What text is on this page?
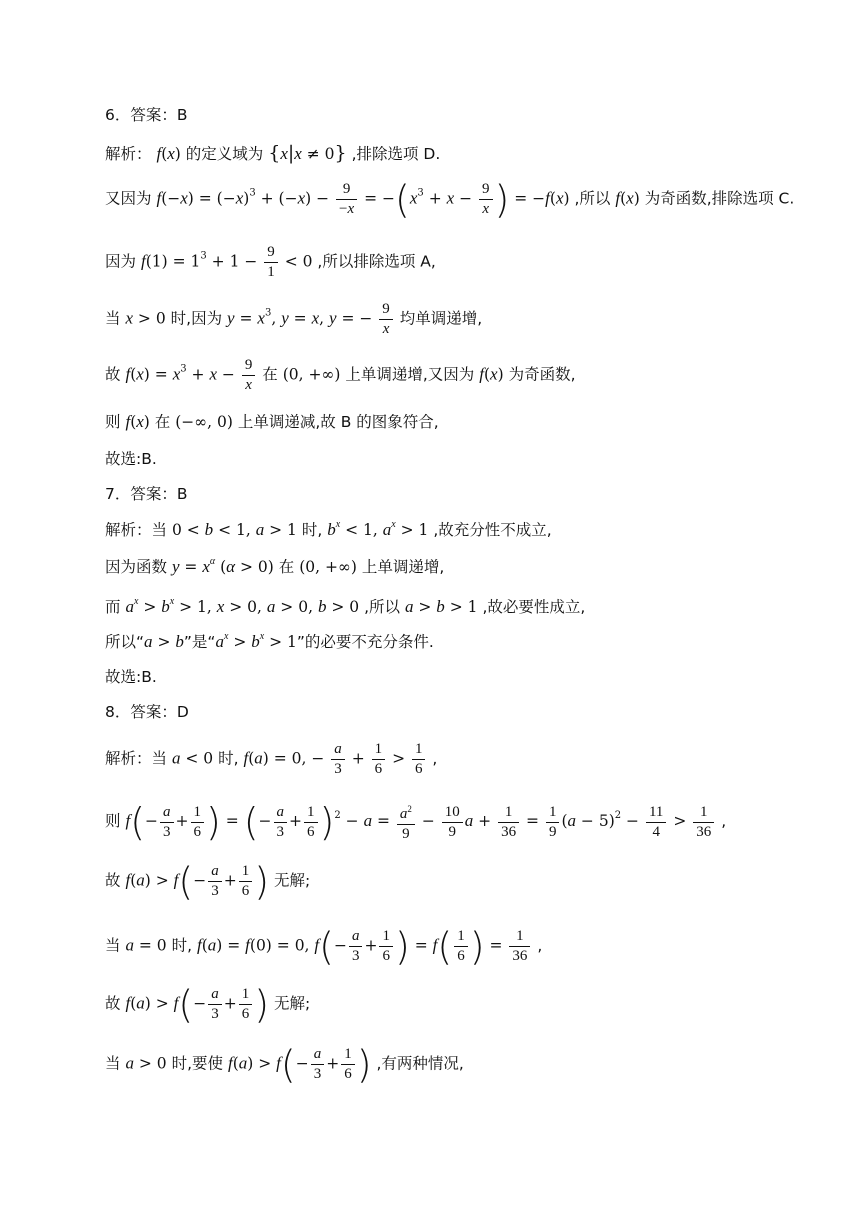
6．答案：B
解析： f(x) 的定义域为 {x|x ≠ 0} ,排除选项 D.
又因为 $f(-x) = (-x)^3 + (-x) - \frac{9}{-x} = -(x^3 + x - \frac{9}{x}$ ) = −f(x) ,所以 f(x) 为奇函数,排除选项 C.
因为 $f(1) = 1^3 + 1 - \frac{9}{1} < 0$ ,所以排除选项 A,
当 x > 0 时,因为 $y = x^3$, y = x, y = − $\frac{9}{x}$ 均单调递增,
故 $f(x) = x^3 + x - \frac{9}{x}$ 在 (0, +∞) 上单调递增,又因为 f(x) 为奇函数,
则 f(x) 在 (−∞, 0) 上单调递减,故 B 的图象符合,
故选:B.
7．答案：B
解析：当 0 < b < 1, a > 1 时, $b^x < 1$, $a^x > 1$ ,故充分性不成立,
因为函数 $y = x^\alpha$ (α > 0) 在 (0, +∞) 上单调递增,
而 $a^x > b^x > 1$, x > 0, a > 0, b > 0 ,所以 a > b > 1 ,故必要性成立,
所以“a > b”是“$a^x > b^x > 1$”的必要不充分条件.
故选:B.
8．答案：D
解析：当 a < 0 时, f(a) = 0, − $\frac{a}{3} + \frac{1}{6} > \frac{1}{6}$ ,
则 $f(- \frac{a}{3} + \frac{1}{6}$ ) = (− $\frac{a}{3} + \frac{1}{6} )^2 - a = \frac{a^2}{9} - \frac{10}{9}$ $a + \frac{1}{36} = \frac{1}{9} (a - 5)^2 - \frac{11}{4} > \frac{1}{36}$ ,
故 $f(a) > f(- \frac{a}{3} + \frac{1}{6}$ ) 无解;
当 a = 0 时, f(a) = f(0) = 0, $f(- \frac{a}{3} + \frac{1}{6}$ ) = $f( \frac{1}{6}$ ) = $\frac{1}{36}$ ,
故 $f(a) > f(- \frac{a}{3} + \frac{1}{6}$ ) 无解;
当 a > 0 时,要使 $f(a) > f(- \frac{a}{3} + \frac{1}{6}$ ) ,有两种情况,
